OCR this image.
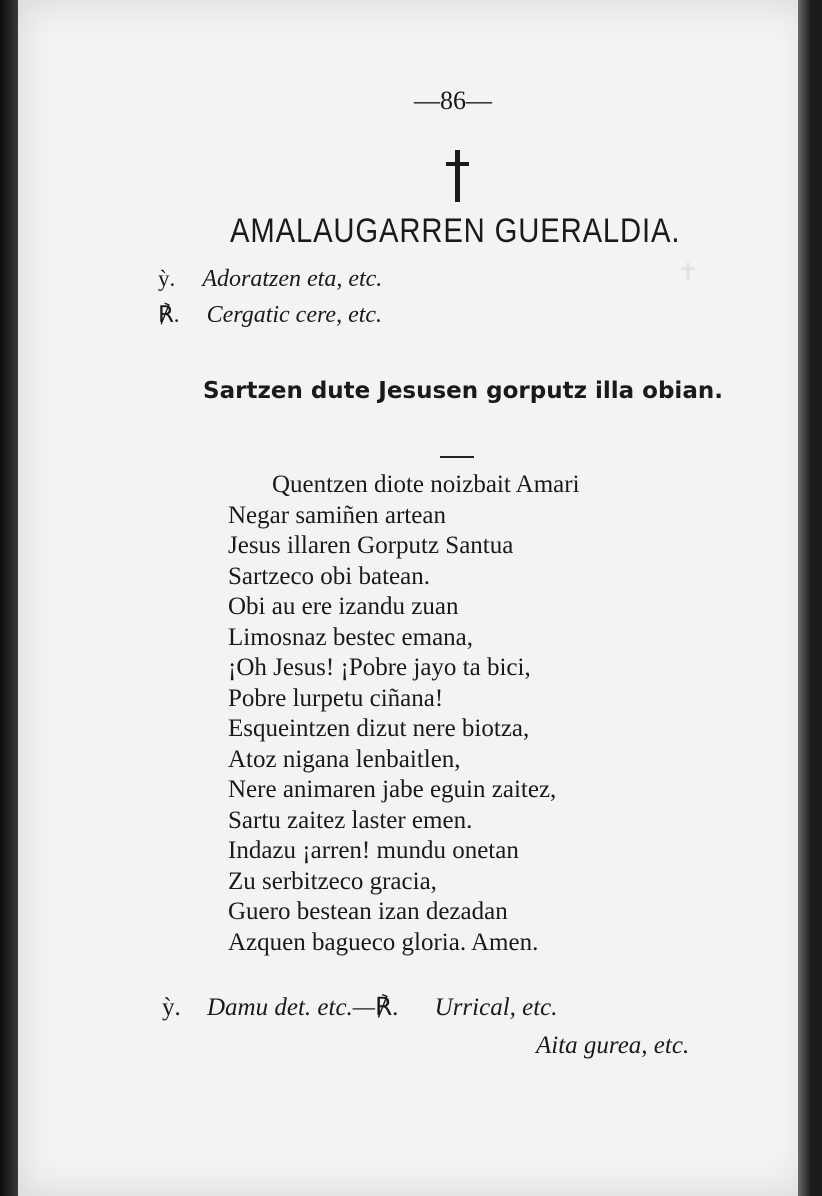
✝
—86—
AMALAUGARREN GUERALDIA.
ỳ. Adoratzen eta, etc.
℟. Cergatic cere, etc.
Sartzen dute Jesusen gorputz illa obian.
Quentzen diote noizbait Amari
Negar samiñen artean
Jesus illaren Gorputz Santua
Sartzeco obi batean.
Obi au ere izandu zuan
Limosnaz bestec emana,
¡Oh Jesus! ¡Pobre jayo ta bici,
Pobre lurpetu ciñana!
Esqueintzen dizut nere biotza,
Atoz nigana lenbaitlen,
Nere animaren jabe eguin zaitez,
Sartu zaitez laster emen.
Indazu ¡arren! mundu onetan
Zu serbitzeco gracia,
Guero bestean izan dezadan
Azquen bagueco gloria. Amen.
ỳ. Damu det. etc.—℟. Urrical, etc.
Aita gurea, etc.
